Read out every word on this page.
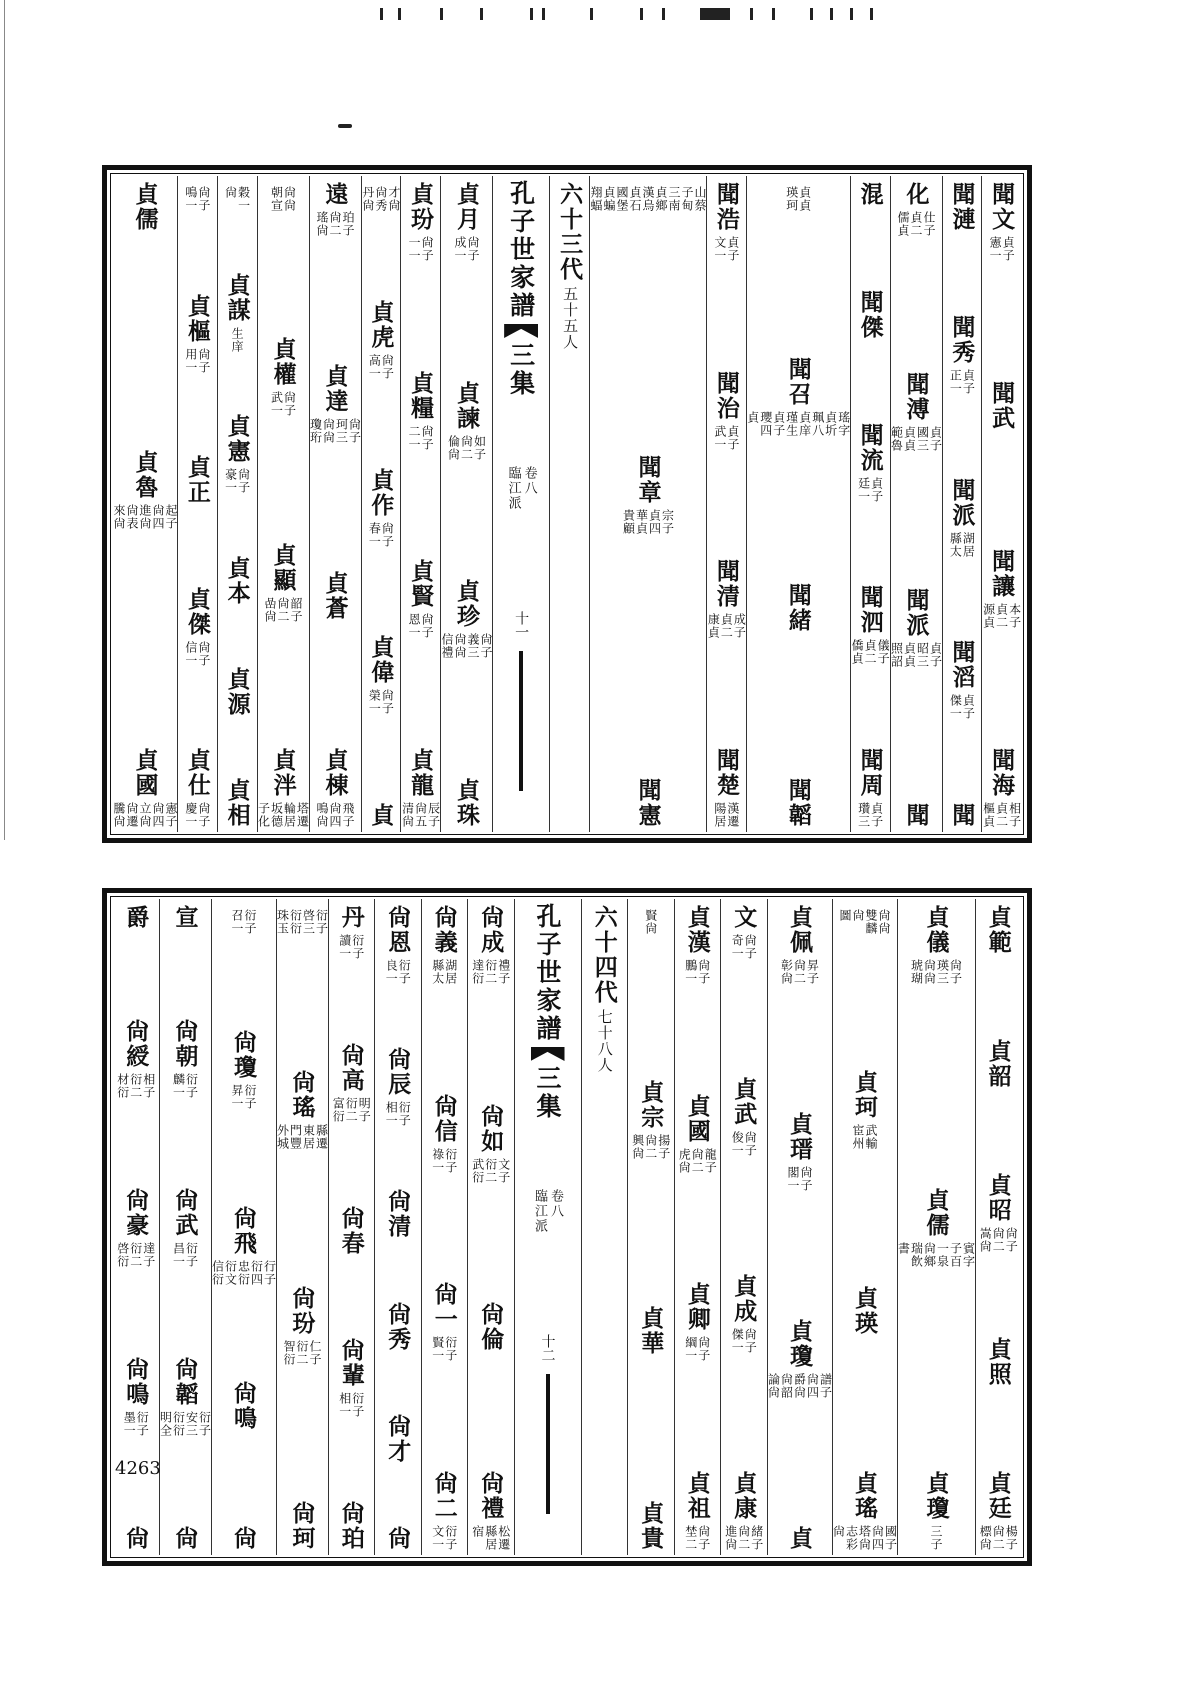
聞文
貞子
憲一
聞武
聞讓
本子
貞二
源貞
聞海
相子
貞二
樞貞
聞漣
聞秀
貞子
正一
聞派
湖居
縣太
聞滔
貞子
傑一
聞
化
仕子
貞二
儒貞
聞溥
貞子
國三
貞貞
範魯
聞派
貞子
昭三
貞貞
照詔
聞
混
聞傑
聞流
貞子
廷一
聞泗
儀子
貞二
僑貞
聞周
貞子
瓚三
貞貞
瑛珂
聞召
瑤字
貞圻
珮八
貞庠
瑾生
貞子
瓔四
貞
聞緒
聞韜
聞浩
貞子
文一
聞治
貞子
武一
聞清
成子
貞二
康貞
聞楚
漢遷
陽居
山蔡
子甸
三南
貞鄉
漢烏
貞石
國堡
貞蝙
翔蝠
聞章
宗子
貞四
華貞
貴顧
聞憲
六十三代
五十五人
孔子世家譜
三集
卷八
臨江派
十一
貞月
尙子
成一
貞諫
如子
尙二
倫尙
貞珍
尙子
義三
尙尙
信禮
貞珠
貞玢
尙子
一一
貞糧
尙子
二一
貞賢
尙子
恩一
貞龍
辰子
尙五
清尙
才尙
尙秀
丹尙
貞虎
尙子
高一
貞作
尙子
春一
貞偉
尙子
榮一
貞
遠
珀子
尙二
瑤尙
貞達
尙子
珂三
尙尙
瓊珩
貞蒼
貞棟
飛子
尙四
鳴尙
尙尙
朝宣
貞權
尙子
武一
貞顯
韶子
尙二
嵒尙
貞泮
塔遷
輪居
坂德
子化
穀一
尙
貞謀
生庠
貞憲
尙子
豪一
貞本
貞源
貞相
尙子
鳴一
貞樞
尙子
用一
貞正
貞傑
尙子
信一
貞仕
尙子
慶一
貞儒
貞魯
起子
尙四
進尙
尙表
來尙
貞國
憲子
尙四
立尙
尙遷
騰尙
貞範
貞韶
貞昭
尙子
尙二
嵩尙
貞照
貞廷
楊子
尙二
標尙
貞儀
尙子
瑛三
尙尙
琥瑚
貞儒
賓字
子百
一泉
尙鄉
瑞飲
書
貞瓊
三子
尙尙
雙麟
尙
圖
貞珂
武輸
宦州
貞瑛
貞瑤
國子
尙四
塔尙
志彩
尙
貞佩
昇子
尙二
彰尙
貞瑨
尙子
閣一
貞瓊
譜子
尙四
爵尙
尙韶
論尙
貞
文
尙子
奇一
貞武
尙子
俊一
貞成
尙子
傑一
貞康
緒子
尙二
進尙
貞漢
尙子
鵬一
貞國
龍子
尙二
虎尙
貞卿
尙子
綱一
貞祖
尙子
埜二
賢尙
貞宗
揚子
尙二
興尙
貞華
貞貴
六十四代
七十八人
孔子世家譜
三集
卷八
臨江派
十二
尙成
禮子
衍二
達衍
尙如
文子
衍二
武衍
尙倫
尙禮
松遷
縣居
宿
尙義
湖居
縣太
尙信
衍子
祿一
尙一
衍子
賢一
尙二
衍子
文一
尙恩
衍子
良一
尙辰
衍子
相一
尙清
尙秀
尙才
尙
丹
衍子
讀一
尙高
明子
衍二
富衍
尙春
尙輩
衍子
相一
尙珀
衍子
啓三
衍衍
珠玉
尙瑤
縣遷
東居
門豐
外城
尙玢
仁子
衍二
智衍
尙珂
衍子
召一
尙瓊
衍子
昇一
尙飛
行子
衍四
忠衍
衍文
信衍
尙鳴
尙
宣
尙朝
衍子
麟一
尙武
衍子
昌一
尙韜
衍子
安三
衍衍
明全
尙
爵
尙綬
相子
衍二
材衍
尙豪
達子
衍二
啓衍
尙鳴
衍子
墨一
尙
4263
